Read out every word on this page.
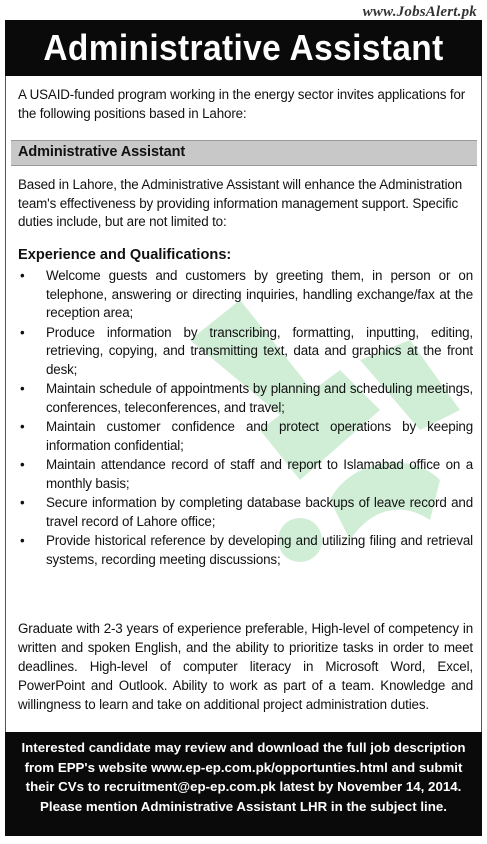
www.JobsAlert.pk
Administrative Assistant
A USAID-funded program working in the energy sector invites applications for
the following positions based in Lahore:
Administrative Assistant
Based in Lahore, the Administrative Assistant will enhance the Administration
team's effectiveness by providing information management support. Specific
duties include, but are not limited to:
Experience and Qualifications:
• Welcome guests and customers by greeting them, in person or on telephone, answering or directing inquiries, handling exchange/fax at the reception area;
• Produce information by transcribing, formatting, inputting, editing, retrieving, copying, and transmitting text, data and graphics at the front desk;
• Maintain schedule of appointments by planning and scheduling meetings, conferences, teleconferences, and travel;
• Maintain customer confidence and protect operations by keeping information confidential;
• Maintain attendance record of staff and report to Islamabad office on a monthly basis;
• Secure information by completing database backups of leave record and travel record of Lahore office;
• Provide historical reference by developing and utilizing filing and retrieval systems, recording meeting discussions;
Graduate with 2-3 years of experience preferable, High-level of competency in written and spoken English, and the ability to prioritize tasks in order to meet deadlines. High-level of computer literacy in Microsoft Word, Excel, PowerPoint and Outlook. Ability to work as part of a team. Knowledge and willingness to learn and take on additional project administration duties.
Interested candidate may review and download the full job description
from EPP's website www.ep-ep.com.pk/opportunties.html and submit
their CVs to recruitment@ep-ep.com.pk latest by November 14, 2014.
Please mention Administrative Assistant LHR in the subject line.
